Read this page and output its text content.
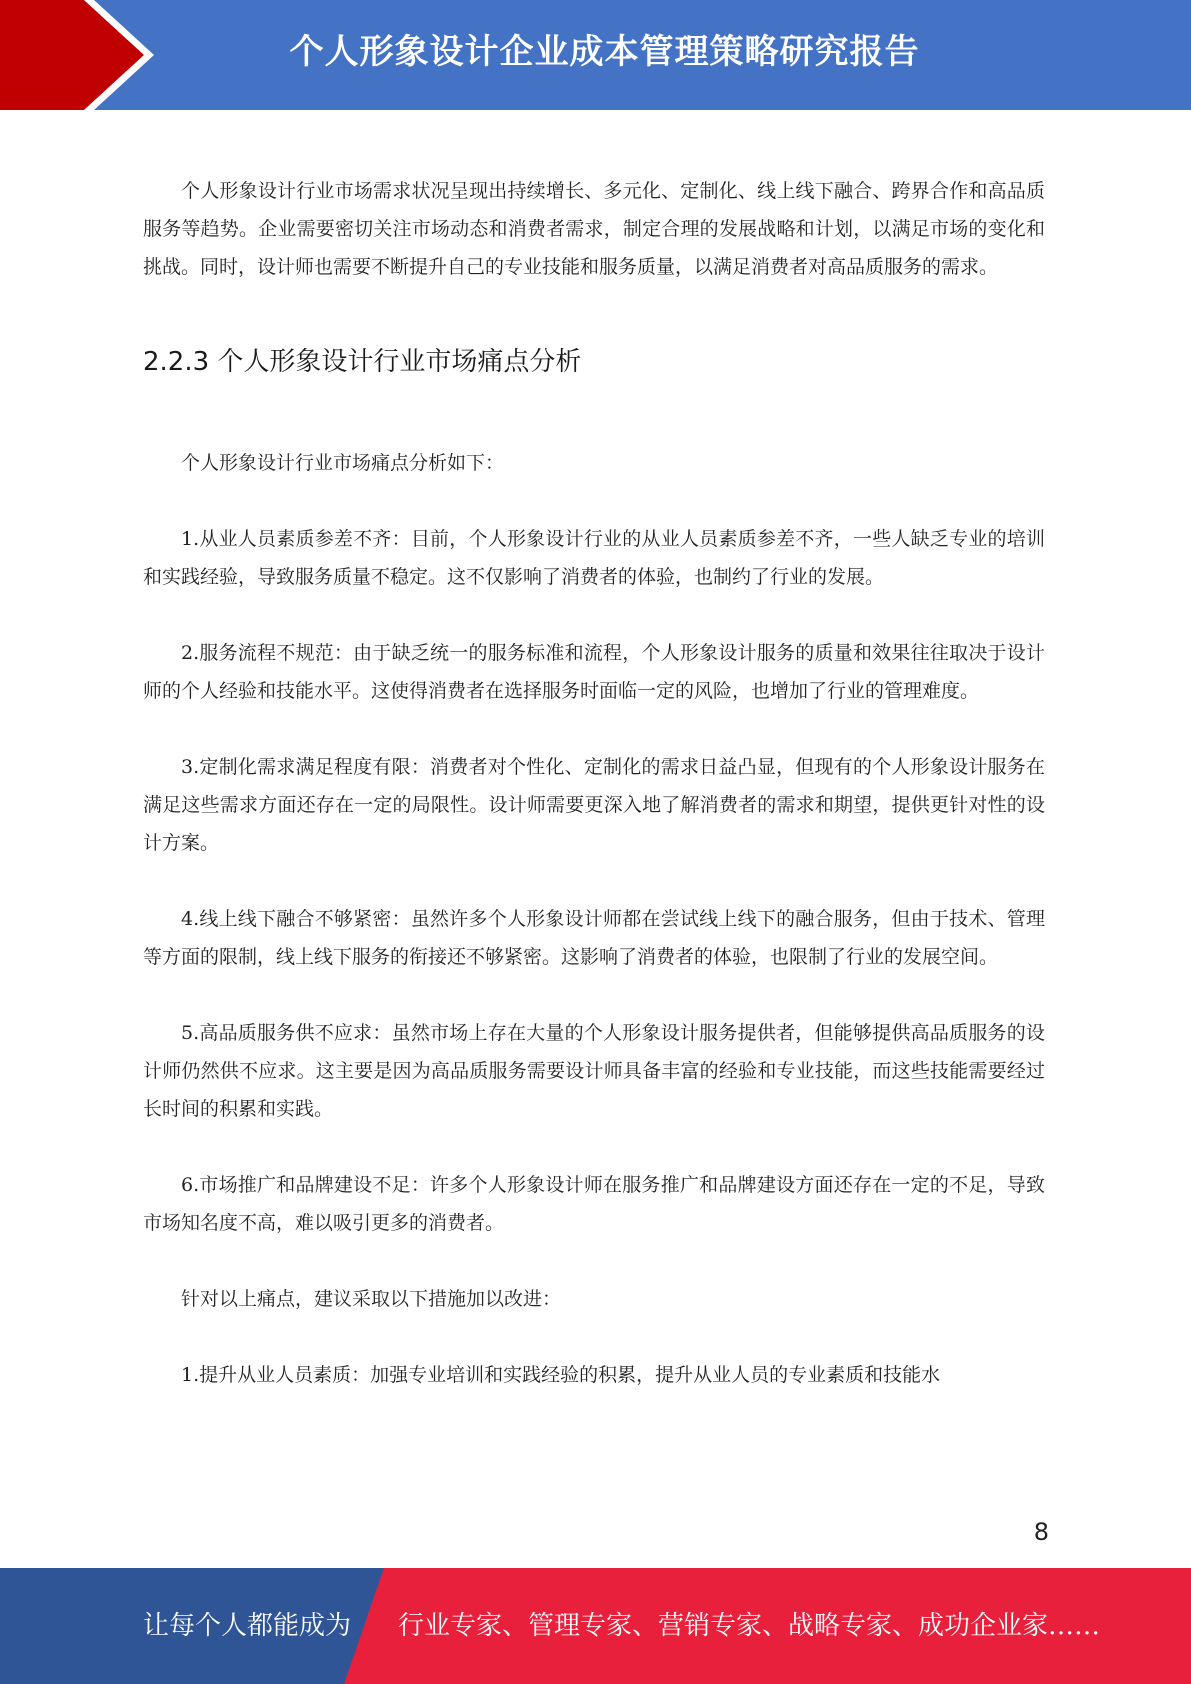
个人形象设计企业成本管理策略研究报告

个人形象设计行业市场需求状况呈现出持续增长、多元化、定制化、线上线下融合、跨界合作和高品质服务等趋势。企业需要密切关注市场动态和消费者需求，制定合理的发展战略和计划，以满足市场的变化和挑战。同时，设计师也需要不断提升自己的专业技能和服务质量，以满足消费者对高品质服务的需求。

2.2.3 个人形象设计行业市场痛点分析

个人形象设计行业市场痛点分析如下：

1.从业人员素质参差不齐：目前，个人形象设计行业的从业人员素质参差不齐，一些人缺乏专业的培训和实践经验，导致服务质量不稳定。这不仅影响了消费者的体验，也制约了行业的发展。

2.服务流程不规范：由于缺乏统一的服务标准和流程，个人形象设计服务的质量和效果往往取决于设计师的个人经验和技能水平。这使得消费者在选择服务时面临一定的风险，也增加了行业的管理难度。

3.定制化需求满足程度有限：消费者对个性化、定制化的需求日益凸显，但现有的个人形象设计服务在满足这些需求方面还存在一定的局限性。设计师需要更深入地了解消费者的需求和期望，提供更针对性的设计方案。

4.线上线下融合不够紧密：虽然许多个人形象设计师都在尝试线上线下的融合服务，但由于技术、管理等方面的限制，线上线下服务的衔接还不够紧密。这影响了消费者的体验，也限制了行业的发展空间。

5.高品质服务供不应求：虽然市场上存在大量的个人形象设计服务提供者，但能够提供高品质服务的设计师仍然供不应求。这主要是因为高品质服务需要设计师具备丰富的经验和专业技能，而这些技能需要经过长时间的积累和实践。

6.市场推广和品牌建设不足：许多个人形象设计师在服务推广和品牌建设方面还存在一定的不足，导致市场知名度不高，难以吸引更多的消费者。

针对以上痛点，建议采取以下措施加以改进：

1.提升从业人员素质：加强专业培训和实践经验的积累，提升从业人员的专业素质和技能水

8
让每个人都能成为 行业专家、管理专家、营销专家、战略专家、成功企业家……
